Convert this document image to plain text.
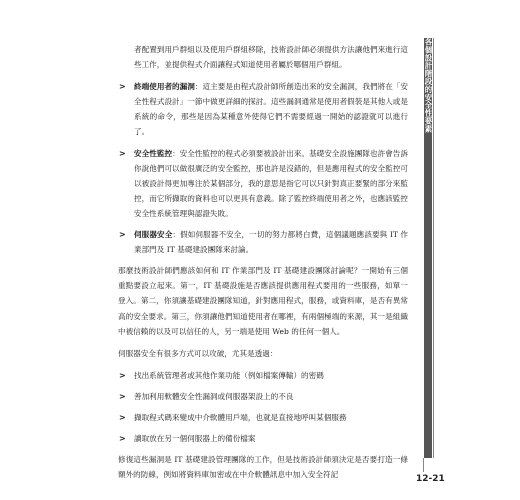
者配置到用戶群組以及使用戶群組移除，技術設計師必須提供方法讓他們來進行這些工作，並提供程式介面讓程式知道使用者屬於哪個用戶群組。

> 終端使用者的漏洞：這主要是由程式設計師所創造出來的安全漏洞，我們將在「安全性程式設計」一節中做更詳細的探討。這些漏洞通常是使用者假裝是其他人或是系統的命令，那些是因為某種意外使得它們不需要經過一開始的認證就可以進行了。
> 安全性監控：安全性監控的程式必須要被設計出來。基礎安全設施團隊也許會告訴你說他們可以做很廣泛的安全監控，那也許是沒錯的，但是應用程式的安全監控可以被設計得更加專注於某個部分，我的意思是指它可以只針對真正要緊的部分來監控，而它所擷取的資料也可以更具有意義。除了監控終端使用者之外，也應該監控安全性系統管理與認證失敗。
> 伺服器安全：假如伺服器不安全，一切的努力都將白費，這個議題應該要與 IT 作業部門及 IT 基礎建設團隊來討論。

那麼技術設計師們應該如何和 IT 作業部門及 IT 基礎建設團隊討論呢？一開始有三個重點要設立起來。第一，IT 基礎設施是否應該提供應用程式要用的一些服務，如單一登入。第二，你須讓基礎建設團隊知道，針對應用程式，服務，或資料庫，是否有異常高的安全要求。第三，你須讓他們知道使用者在哪裡，有兩個極端的來源，其一是組織中被信賴的以及可以信任的人，另一端是使用 Web 的任何一個人。

伺服器安全有很多方式可以攻破，尤其是透過：

> 找出系統管理者或其他作業功能（例如檔案傳輸）的密碼
> 善加利用軟體安全性漏洞或伺服器架設上的不良
> 擷取程式碼來變成中介軟體用戶端，也就是直接地呼叫某個服務
> 讀取放在另一個伺服器上的備份檔案

修復這些漏洞是 IT 基礎建設管理團隊的工作，但是技術設計師須決定是否要打造一條額外的防線，例如將資料庫加密或在中介軟體訊息中加入安全符記

各個設計階段的安全性要素
12-21
